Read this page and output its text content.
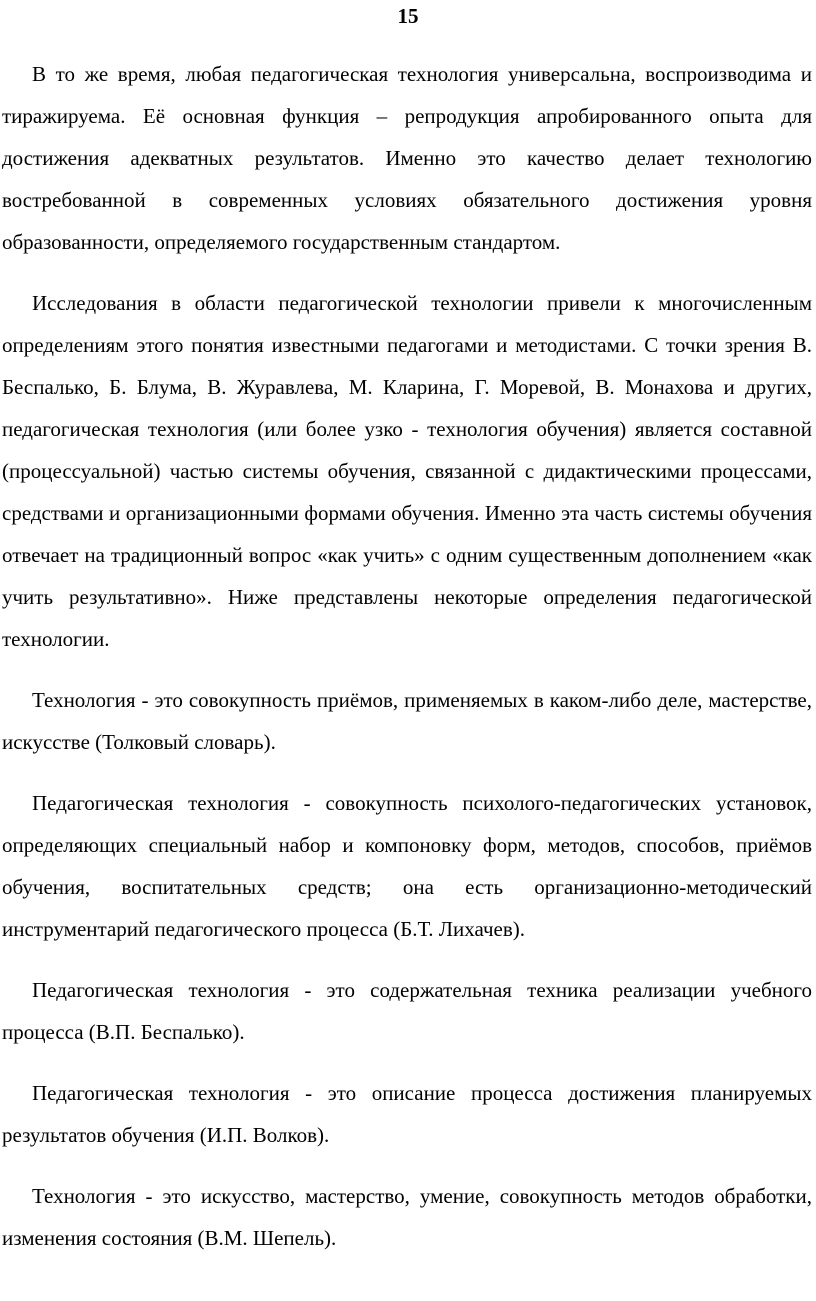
15

В то же время, любая педагогическая технология универсальна, воспроизводима и тиражируема. Её основная функция – репродукция апробированного опыта для достижения адекватных результатов. Именно это качество делает технологию востребованной в современных условиях обязательного достижения уровня образованности, определяемого государственным стандартом.

Исследования в области педагогической технологии привели к многочисленным определениям этого понятия известными педагогами и методистами. С точки зрения В. Беспалько, Б. Блума, В. Журавлева, М. Кларина, Г. Моревой, В. Монахова и других, педагогическая технология (или более узко - технология обучения) является составной (процессуальной) частью системы обучения, связанной с дидактическими процессами, средствами и организационными формами обучения. Именно эта часть системы обучения отвечает на традиционный вопрос «как учить» с одним существенным дополнением «как учить результативно». Ниже представлены некоторые определения педагогической технологии.

Технология - это совокупность приёмов, применяемых в каком-либо деле, мастерстве, искусстве (Толковый словарь).

Педагогическая технология - совокупность психолого-педагогических установок, определяющих специальный набор и компоновку форм, методов, способов, приёмов обучения, воспитательных средств; она есть организационно-методический инструментарий педагогического процесса (Б.Т. Лихачев).

Педагогическая технология - это содержательная техника реализации учебного процесса (В.П. Беспалько).

Педагогическая технология - это описание процесса достижения планируемых результатов обучения (И.П. Волков).

Технология - это искусство, мастерство, умение, совокупность методов обработки, изменения состояния (В.М. Шепель).
